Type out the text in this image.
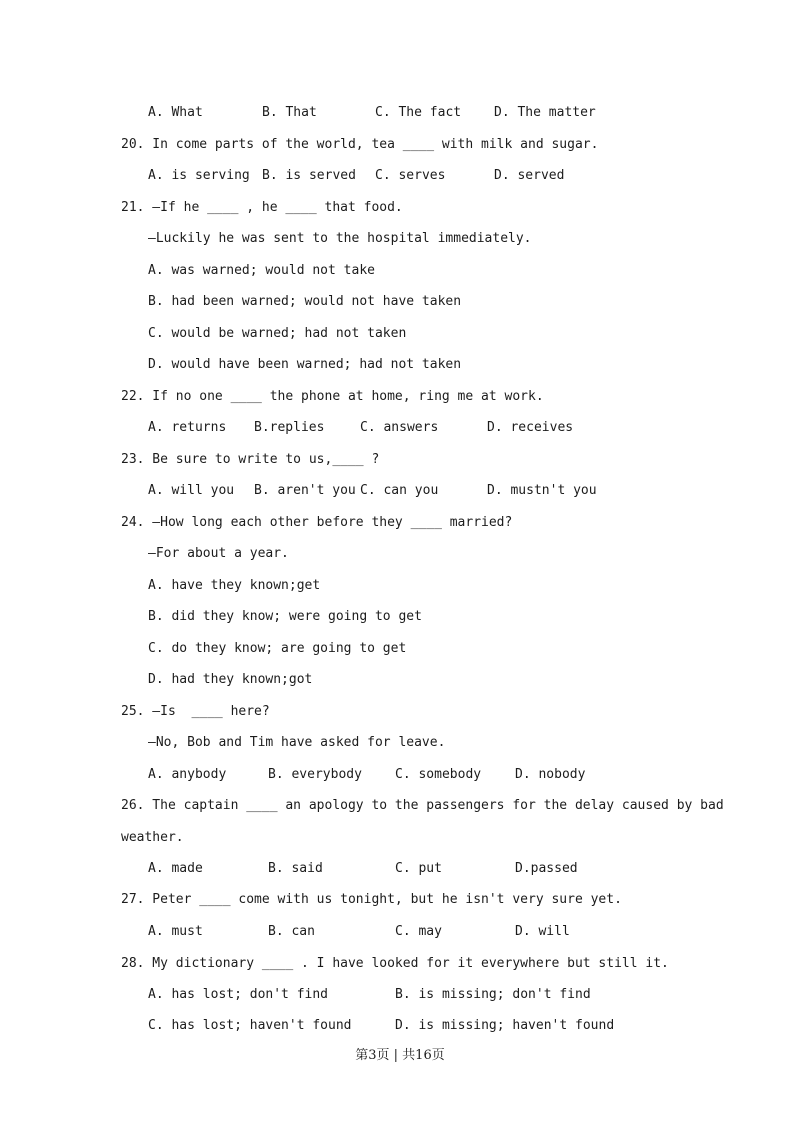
A. What	B. That	C. The fact	D. The matter
20. In come parts of the world, tea ____ with milk and sugar.
A. is serving B. is served C. serves	D. served
21. —If he ____ , he ____ that food.
—Luckily he was sent to the hospital immediately.
A. was warned; would not take
B. had been warned; would not have taken
C. would be warned; had not taken
D. would have been warned; had not taken
22. If no one ____ the phone at home, ring me at work.
A. returns B.replies	C. answers	D. receives
23. Be sure to write to us,____ ?
A. will you B. aren't you C. can you	D. mustn't you
24. —How long each other before they ____ married?
—For about a year.
A. have they known;get
B. did they know; were going to get
C. do they know; are going to get
D. had they known;got
25. —Is  ____ here?
—No, Bob and Tim have asked for leave.
A. anybody	B. everybody	C. somebody	D. nobody
26. The captain ____ an apology to the passengers for the delay caused by bad
weather.
A. made	B. said	C. put	D.passed
27. Peter ____ come with us tonight, but he isn't very sure yet.
A. must	B. can	C. may	D. will
28. My dictionary ____ . I have looked for it everywhere but still it.
A. has lost; don't find	B. is missing; don't find
C. has lost; haven't found	D. is missing; haven't found
第3页 | 共16页
